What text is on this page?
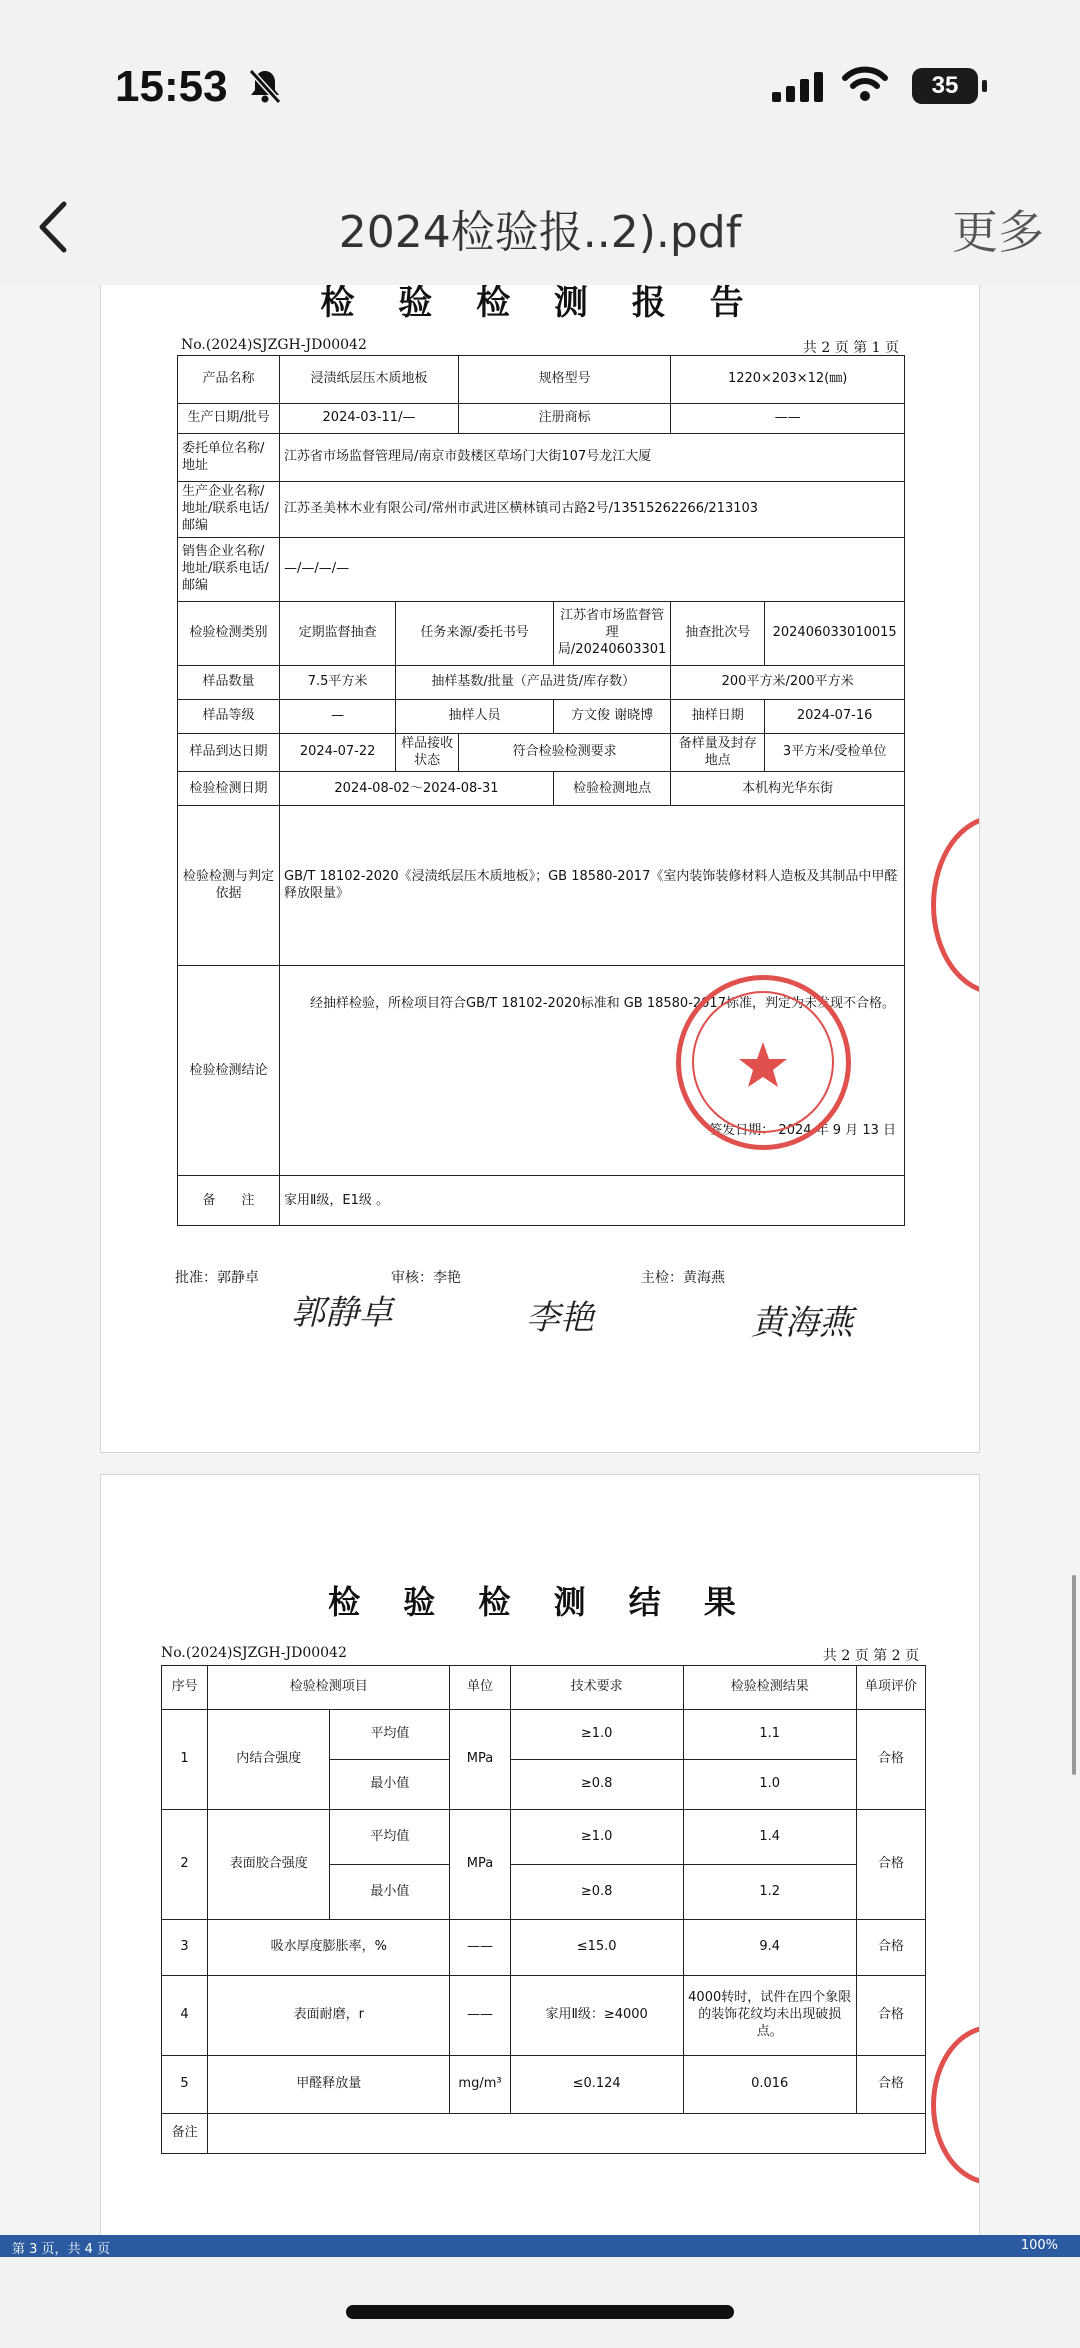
15:53	35
2024检验报..2).pdf	更多
检 验 检 测 报 告
No.(2024)SJZGH-JD00042	共 2 页 第 1 页
产品名称	浸渍纸层压木质地板		规格型号		1220×203×12(㎜)	
生产日期/批号	2024-03-11/—		注册商标		——	
委托单位名称/地址	江苏省市场监督管理局/南京市鼓楼区草场门大街107号龙江大厦					
生产企业名称/地址/联系电话/邮编	江苏圣美林木业有限公司/常州市武进区横林镇司古路2号/13515262266/213103					
销售企业名称/地址/联系电话/邮编	—/—/—/—					
检验检测类别	定期监督抽查	任务来源/委托书号		江苏省市场监督管理局/20240603301	抽查批次号	202406033010015
样品数量	7.5平方米	抽样基数/批量（产品进货/库存数）			200平方米/200平方米	
样品等级	—	抽样人员		方文俊 谢晓博	抽样日期	2024-07-16
样品到达日期	2024-07-22	样品接收状态	符合检验检测要求		备样量及封存地点	3平方米/受检单位
检验检测日期	2024-08-02～2024-08-31			检验检测地点	本机构光华东街	
检验检测与判定依据	GB/T 18102-2020《浸渍纸层压木质地板》；GB 18580-2017《室内装饰装修材料人造板及其制品中甲醛释放限量》					
检验检测结论	经抽样检验，所检项目符合GB/T 18102-2020标准和 GB 18580-2017标准，判定为未发现不合格。
签发日期： 2024 年 9 月 13 日					

备　　注	家用Ⅱ级，E1级 。					
批准：郭静卓	审核：李艳	主检：黄海燕
郭静卓	李艳	黄海燕
检 验 检 测 结 果
No.(2024)SJZGH-JD00042	共 2 页 第 2 页
序号	检验检测项目		单位	技术要求	检验检测结果	单项评价
1	内结合强度	平均值	MPa	≥1.0	1.1	合格
		最小值		≥0.8	1.0	
2	表面胶合强度	平均值	MPa	≥1.0	1.4	合格
		最小值		≥0.8	1.2	
3	吸水厚度膨胀率，%		——	≤15.0	9.4	合格
4	表面耐磨，r		——	家用Ⅱ级：≥4000	4000转时，试件在四个象限的装饰花纹均未出现破损点。	合格
5	甲醛释放量		mg/m³	≤0.124	0.016	合格
备注						
第 3 页，共 4 页	100%
